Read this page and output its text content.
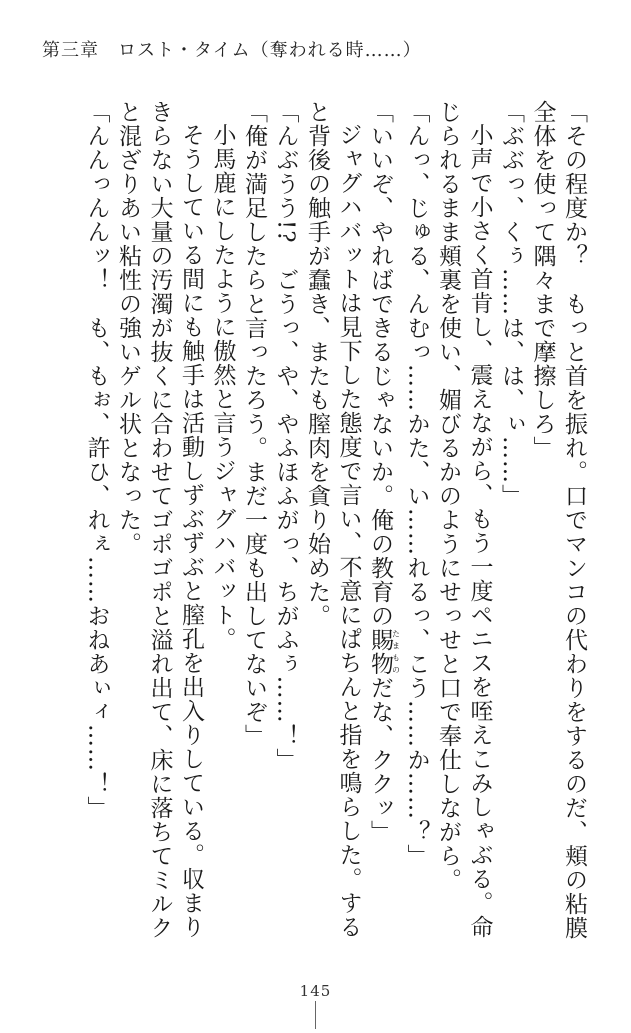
第三章　ロスト・タイム（奪われる時……）

「その程度か？　もっと首を振れ。口でマンコの代わりをするのだ、頬の粘膜全体を使って隅々まで摩擦しろ」

「ぶぶっ、くぅ……は、は、ぃ……」

小声で小さく首肯し、震えながら、もう一度ペニスを咥えこみしゃぶる。命じられるまま頬裏を使い、媚びるかのようにせっせと口で奉仕しながら。

「んっ、じゅる、んむっ……かた、い……れるっ、こう……か……？」

「いいぞ、やればできるじゃないか。俺の教育の賜物たまものだな、ククッ」

ジャグハバットは見下した態度で言い、不意にぱちんと指を鳴らした。すると背後の触手が蠢き、またも膣肉を貪り始めた。

「んぶうう!?　ごうっ、や、やふほふがっ、ちがふぅ……！」

「俺が満足したらと言ったろう。まだ一度も出してないぞ」

小馬鹿にしたように傲然と言うジャグハバット。

そうしている間にも触手は活動しずぶずぶと膣孔を出入りしている。収まりきらない大量の汚濁が抜くに合わせてゴポゴポと溢れ出て、床に落ちてミルクと混ざりあい粘性の強いゲル状となった。

「んんっんんッ！　も、もぉ、許ひ、れぇ……おねあぃィ……！」

145
